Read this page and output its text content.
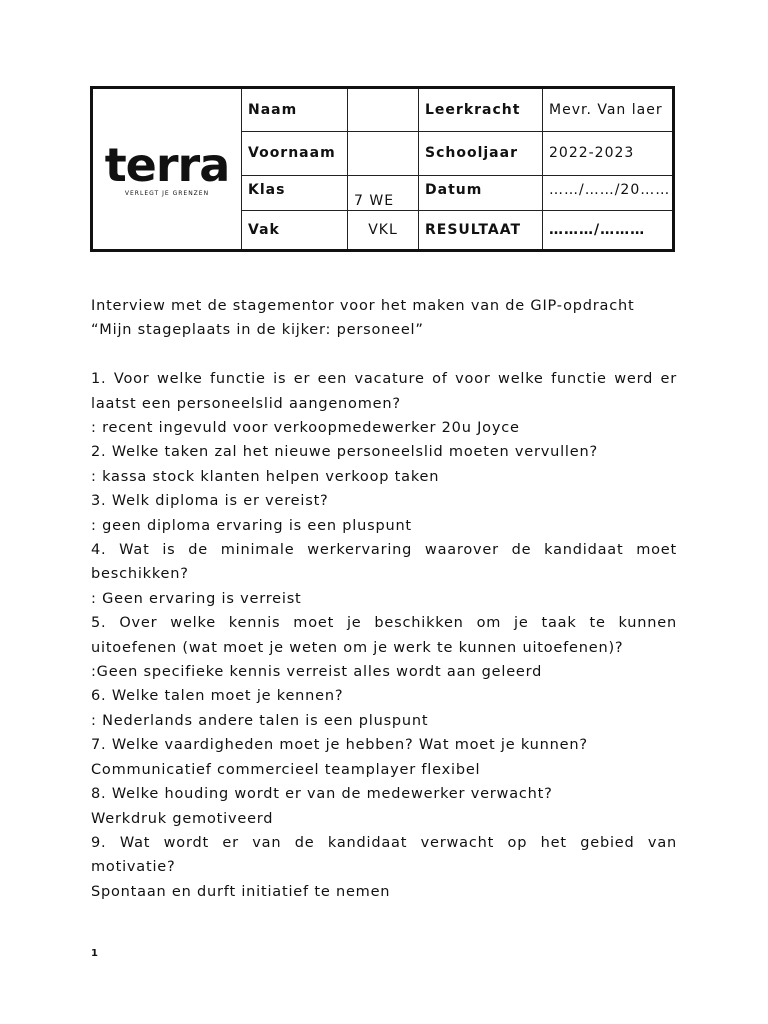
terra
VERLEGT JE GRENZEN	Naam		Leerkracht	Mevr. Van laer
	Voornaam		Schooljaar	2022-2023
	Klas	7 WE	Datum	……/……/20……
	Vak	VKL	RESULTAAT	………/………

Interview met de stagementor voor het maken van de GIP-opdracht

“Mijn stageplaats in de kijker: personeel”

1. Voor welke functie is er een vacature of voor welke functie werd er laatst een personeelslid aangenomen?

: recent ingevuld voor verkoopmedewerker 20u Joyce

2. Welke taken zal het nieuwe personeelslid moeten vervullen?

: kassa stock klanten helpen verkoop taken

3. Welk diploma is er vereist?

: geen diploma ervaring is een pluspunt

4. Wat is de minimale werkervaring waarover de kandidaat moet beschikken?

: Geen ervaring is verreist

5. Over welke kennis moet je beschikken om je taak te kunnen uitoefenen (wat moet je weten om je werk te kunnen uitoefenen)?

:Geen specifieke kennis verreist alles wordt aan geleerd

6. Welke talen moet je kennen?

: Nederlands andere talen is een pluspunt

7. Welke vaardigheden moet je hebben? Wat moet je kunnen?

Communicatief commercieel teamplayer flexibel

8. Welke houding wordt er van de medewerker verwacht?

Werkdruk gemotiveerd

9. Wat wordt er van de kandidaat verwacht op het gebied van motivatie?

Spontaan en durft initiatief te nemen

1
